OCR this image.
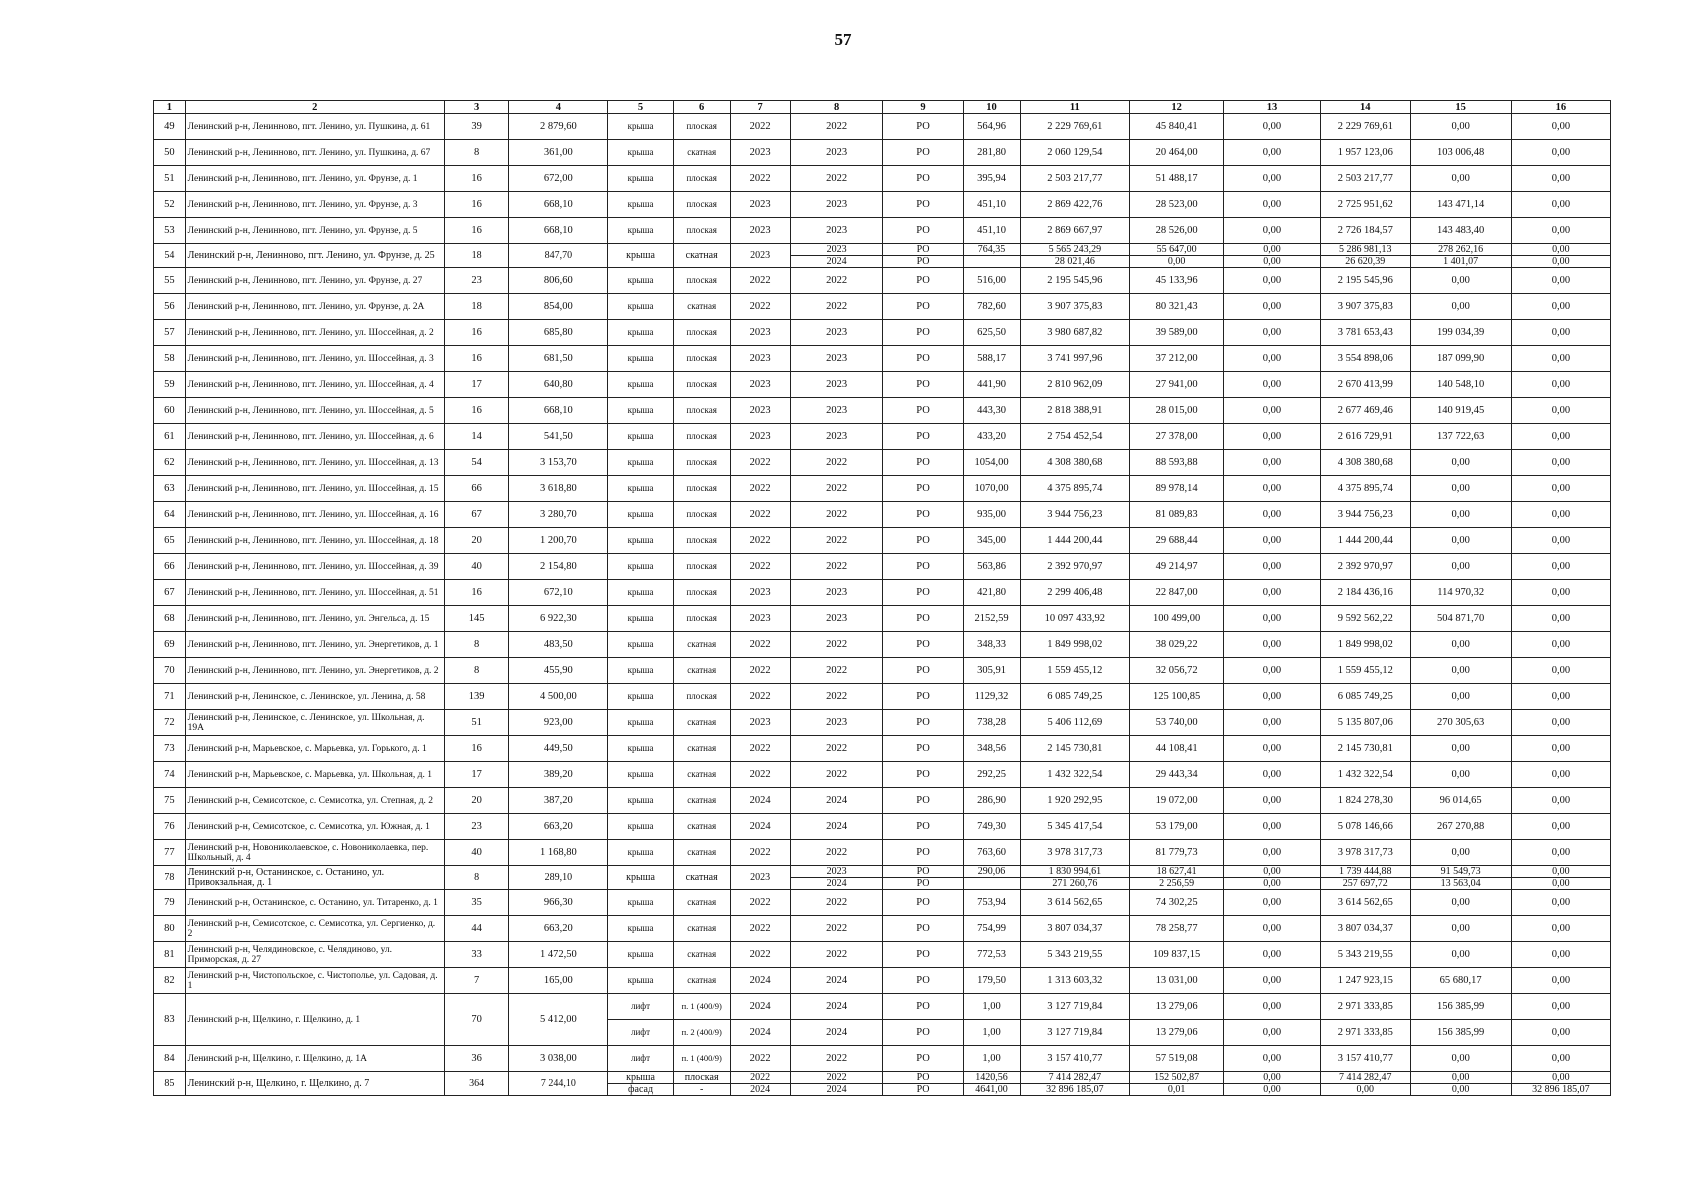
57
1	2	3	4	5	6	7	8	9	10	11	12	13	14	15	16
49	Ленинский р-н, Ленинново, пгт. Ленино, ул. Пушкина, д. 61	39	2 879,60	крыша	плоская	2022	2022	РО	564,96	2 229 769,61	45 840,41	0,00	2 229 769,61	0,00	0,00
50	Ленинский р-н, Ленинново, пгт. Ленино, ул. Пушкина, д. 67	8	361,00	крыша	скатная	2023	2023	РО	281,80	2 060 129,54	20 464,00	0,00	1 957 123,06	103 006,48	0,00
51	Ленинский р-н, Ленинново, пгт. Ленино, ул. Фрунзе, д. 1	16	672,00	крыша	плоская	2022	2022	РО	395,94	2 503 217,77	51 488,17	0,00	2 503 217,77	0,00	0,00
52	Ленинский р-н, Ленинново, пгт. Ленино, ул. Фрунзе, д. 3	16	668,10	крыша	плоская	2023	2023	РО	451,10	2 869 422,76	28 523,00	0,00	2 725 951,62	143 471,14	0,00
53	Ленинский р-н, Ленинново, пгт. Ленино, ул. Фрунзе, д. 5	16	668,10	крыша	плоская	2023	2023	РО	451,10	2 869 667,97	28 526,00	0,00	2 726 184,57	143 483,40	0,00
54	Ленинский р-н, Ленинново, пгт. Ленино, ул. Фрунзе, д. 25	18	847,70	крыша	скатная	2023	2023	РО	764,35	5 565 243,29	55 647,00	0,00	5 286 981,13	278 262,16	0,00
							2024	РО		28 021,46	0,00	0,00	26 620,39	1 401,07	0,00
55	Ленинский р-н, Ленинново, пгт. Ленино, ул. Фрунзе, д. 27	23	806,60	крыша	плоская	2022	2022	РО	516,00	2 195 545,96	45 133,96	0,00	2 195 545,96	0,00	0,00
56	Ленинский р-н, Ленинново, пгт. Ленино, ул. Фрунзе, д. 2А	18	854,00	крыша	скатная	2022	2022	РО	782,60	3 907 375,83	80 321,43	0,00	3 907 375,83	0,00	0,00
57	Ленинский р-н, Ленинново, пгт. Ленино, ул. Шоссейная, д. 2	16	685,80	крыша	плоская	2023	2023	РО	625,50	3 980 687,82	39 589,00	0,00	3 781 653,43	199 034,39	0,00
58	Ленинский р-н, Ленинново, пгт. Ленино, ул. Шоссейная, д. 3	16	681,50	крыша	плоская	2023	2023	РО	588,17	3 741 997,96	37 212,00	0,00	3 554 898,06	187 099,90	0,00
59	Ленинский р-н, Ленинново, пгт. Ленино, ул. Шоссейная, д. 4	17	640,80	крыша	плоская	2023	2023	РО	441,90	2 810 962,09	27 941,00	0,00	2 670 413,99	140 548,10	0,00
60	Ленинский р-н, Ленинново, пгт. Ленино, ул. Шоссейная, д. 5	16	668,10	крыша	плоская	2023	2023	РО	443,30	2 818 388,91	28 015,00	0,00	2 677 469,46	140 919,45	0,00
61	Ленинский р-н, Ленинново, пгт. Ленино, ул. Шоссейная, д. 6	14	541,50	крыша	плоская	2023	2023	РО	433,20	2 754 452,54	27 378,00	0,00	2 616 729,91	137 722,63	0,00
62	Ленинский р-н, Ленинново, пгт. Ленино, ул. Шоссейная, д. 13	54	3 153,70	крыша	плоская	2022	2022	РО	1054,00	4 308 380,68	88 593,88	0,00	4 308 380,68	0,00	0,00
63	Ленинский р-н, Ленинново, пгт. Ленино, ул. Шоссейная, д. 15	66	3 618,80	крыша	плоская	2022	2022	РО	1070,00	4 375 895,74	89 978,14	0,00	4 375 895,74	0,00	0,00
64	Ленинский р-н, Ленинново, пгт. Ленино, ул. Шоссейная, д. 16	67	3 280,70	крыша	плоская	2022	2022	РО	935,00	3 944 756,23	81 089,83	0,00	3 944 756,23	0,00	0,00
65	Ленинский р-н, Ленинново, пгт. Ленино, ул. Шоссейная, д. 18	20	1 200,70	крыша	плоская	2022	2022	РО	345,00	1 444 200,44	29 688,44	0,00	1 444 200,44	0,00	0,00
66	Ленинский р-н, Ленинново, пгт. Ленино, ул. Шоссейная, д. 39	40	2 154,80	крыша	плоская	2022	2022	РО	563,86	2 392 970,97	49 214,97	0,00	2 392 970,97	0,00	0,00
67	Ленинский р-н, Ленинново, пгт. Ленино, ул. Шоссейная, д. 51	16	672,10	крыша	плоская	2023	2023	РО	421,80	2 299 406,48	22 847,00	0,00	2 184 436,16	114 970,32	0,00
68	Ленинский р-н, Ленинново, пгт. Ленино, ул. Энгельса, д. 15	145	6 922,30	крыша	плоская	2023	2023	РО	2152,59	10 097 433,92	100 499,00	0,00	9 592 562,22	504 871,70	0,00
69	Ленинский р-н, Ленинново, пгт. Ленино, ул. Энергетиков, д. 1	8	483,50	крыша	скатная	2022	2022	РО	348,33	1 849 998,02	38 029,22	0,00	1 849 998,02	0,00	0,00
70	Ленинский р-н, Ленинново, пгт. Ленино, ул. Энергетиков, д. 2	8	455,90	крыша	скатная	2022	2022	РО	305,91	1 559 455,12	32 056,72	0,00	1 559 455,12	0,00	0,00
71	Ленинский р-н, Ленинское, с. Ленинское, ул. Ленина, д. 58	139	4 500,00	крыша	плоская	2022	2022	РО	1129,32	6 085 749,25	125 100,85	0,00	6 085 749,25	0,00	0,00
72	Ленинский р-н, Ленинское, с. Ленинское, ул. Школьная, д. 19А	51	923,00	крыша	скатная	2023	2023	РО	738,28	5 406 112,69	53 740,00	0,00	5 135 807,06	270 305,63	0,00
73	Ленинский р-н, Марьевское, с. Марьевка, ул. Горького, д. 1	16	449,50	крыша	скатная	2022	2022	РО	348,56	2 145 730,81	44 108,41	0,00	2 145 730,81	0,00	0,00
74	Ленинский р-н, Марьевское, с. Марьевка, ул. Школьная, д. 1	17	389,20	крыша	скатная	2022	2022	РО	292,25	1 432 322,54	29 443,34	0,00	1 432 322,54	0,00	0,00
75	Ленинский р-н, Семисотское, с. Семисотка, ул. Степная, д. 2	20	387,20	крыша	скатная	2024	2024	РО	286,90	1 920 292,95	19 072,00	0,00	1 824 278,30	96 014,65	0,00
76	Ленинский р-н, Семисотское, с. Семисотка, ул. Южная, д. 1	23	663,20	крыша	скатная	2024	2024	РО	749,30	5 345 417,54	53 179,00	0,00	5 078 146,66	267 270,88	0,00
77	Ленинский р-н, Новониколаевское, с. Новониколаевка, пер. Школьный, д. 4	40	1 168,80	крыша	скатная	2022	2022	РО	763,60	3 978 317,73	81 779,73	0,00	3 978 317,73	0,00	0,00
78	Ленинский р-н, Останинское, с. Останино, ул. Привокзальная, д. 1	8	289,10	крыша	скатная	2023	2023	РО	290,06	1 830 994,61	18 627,41	0,00	1 739 444,88	91 549,73	0,00
							2024	РО		271 260,76	2 256,59	0,00	257 697,72	13 563,04	0,00
79	Ленинский р-н, Останинское, с. Останино, ул. Титаренко, д. 1	35	966,30	крыша	скатная	2022	2022	РО	753,94	3 614 562,65	74 302,25	0,00	3 614 562,65	0,00	0,00
80	Ленинский р-н, Семисотское, с. Семисотка, ул. Сергиенко, д. 2	44	663,20	крыша	скатная	2022	2022	РО	754,99	3 807 034,37	78 258,77	0,00	3 807 034,37	0,00	0,00
81	Ленинский р-н, Челядиновское, с. Челядиново, ул. Приморская, д. 27	33	1 472,50	крыша	скатная	2022	2022	РО	772,53	5 343 219,55	109 837,15	0,00	5 343 219,55	0,00	0,00
82	Ленинский р-н, Чистопольское, с. Чистополье, ул. Садовая, д. 1	7	165,00	крыша	скатная	2024	2024	РО	179,50	1 313 603,32	13 031,00	0,00	1 247 923,15	65 680,17	0,00
83	Ленинский р-н, Щелкино, г. Щелкино, д. 1	70	5 412,00	лифт	п. 1 (400/9)	2024	2024	РО	1,00	3 127 719,84	13 279,06	0,00	2 971 333,85	156 385,99	0,00
				лифт	п. 2 (400/9)	2024	2024	РО	1,00	3 127 719,84	13 279,06	0,00	2 971 333,85	156 385,99	0,00
84	Ленинский р-н, Щелкино, г. Щелкино, д. 1А	36	3 038,00	лифт	п. 1 (400/9)	2022	2022	РО	1,00	3 157 410,77	57 519,08	0,00	3 157 410,77	0,00	0,00
85	Ленинский р-н, Щелкино, г. Щелкино, д. 7	364	7 244,10	крыша	плоская	2022	2022	РО	1420,56	7 414 282,47	152 502,87	0,00	7 414 282,47	0,00	0,00
				фасад	-	2024	2024	РО	4641,00	32 896 185,07	0,01	0,00	0,00	0,00	32 896 185,07
